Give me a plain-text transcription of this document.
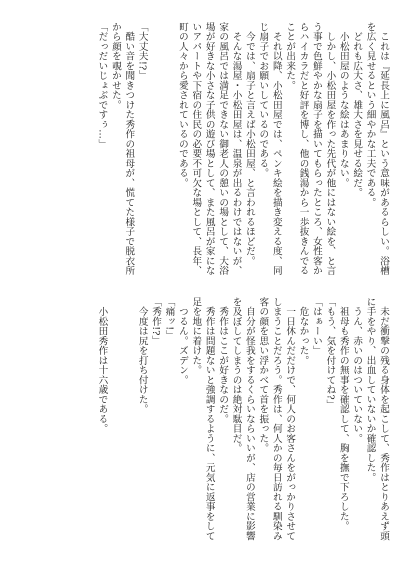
　これは『延長上に風呂』という意味があるらしい。浴槽
を広く見せるという細やかな工夫である。
　どれも広大さ、雄大さを見せる絵だ。
　小松田屋のような絵はあまりない。
　しかし、小松田屋を作った先代が他にはない絵を、と言
う事で色鮮やかな扇子を描いてもらったところ、女性客か
らハイカラだと好評を博し、他の銭湯から一歩抜きんでる
ことが出来た。
　それ以降、小松田屋では、ペンキ絵を描き変える度、同
じ扇子でお願いしているのである。
　今では、扇子と言えば小松田屋、と言われるほどだ。
　そんな湯屋・小松田屋は、温泉が出るわけではないが、
家の風呂では満足できない御老人の憩いの場として、大浴
場が好きな小さな子供の遊び場として、また風呂が家にな
いアパートや下宿の住民の必要不可欠な場として、長年、
町の人々から愛されているのである。
「大丈夫!?」
　酷い音を聞きつけた秀作の祖母が、慌てた様子で脱衣所
から顔を覗かせた。
「だっだいじょぶですぅ…」
　未だ衝撃の残る身体を起こして、秀作はとりあえず頭
に手をやり、出血していないか確認した。
　うん、赤いのはついていない。
　祖母も秀作の無事を確認して、胸を撫で下ろした。
「もう、気を付けてね?」
「はぁーい」
　危なかった。
　一日休んだだけで、何人のお客さんをがっかりさせて
しまうことだろう。秀作は、何人かの毎日訪れる馴染み
客の顔を思い浮かべて首を振った。
　自分が怪我をするくらいならいいが、店の営業に影響
を及ぼしてしまうのは絶対駄目だ。
　秀作はここが好きなのだ。
　秀作は問題ないと強調するように、元気に返事をして
足を地に着けた。
　つるん。ズデン。
「痛ッ!」
「秀作!?」
　今度は尻を打ち付けた。
　小松田秀作は十六歳である。
